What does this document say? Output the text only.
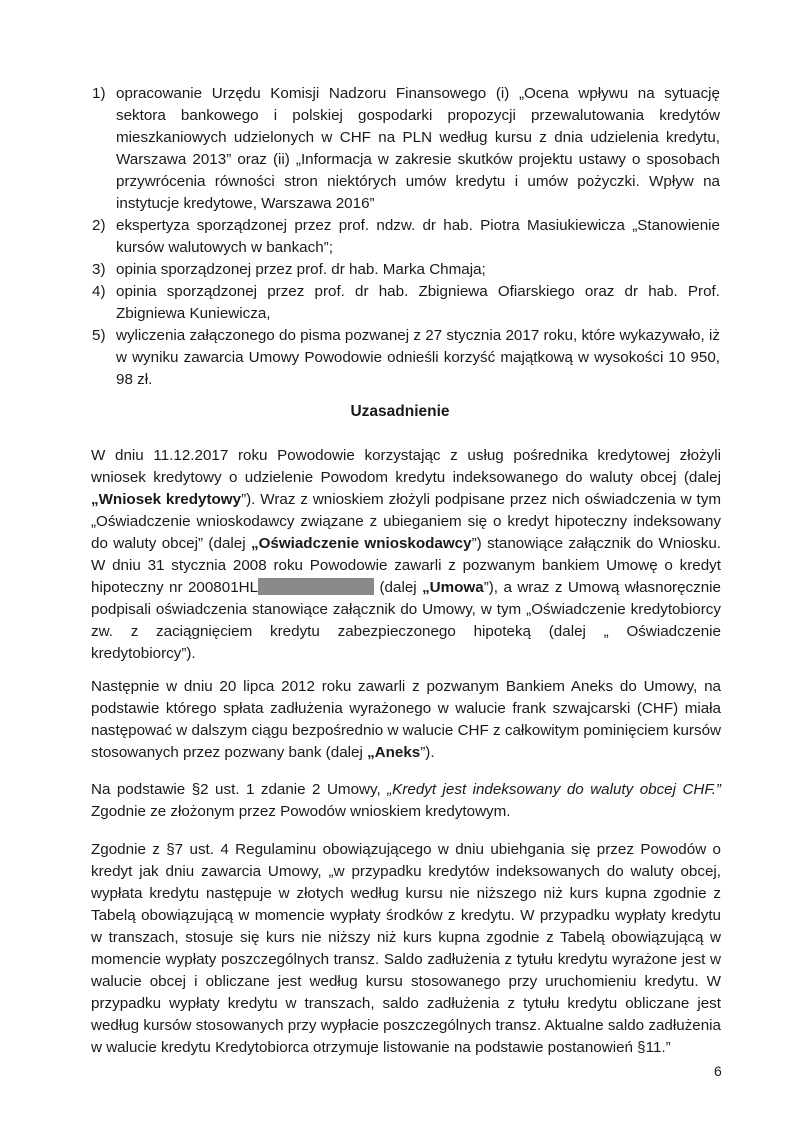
1) opracowanie Urzędu Komisji Nadzoru Finansowego (i) „Ocena wpływu na sytuację sektora bankowego i polskiej gospodarki propozycji przewalutowania kredytów mieszkaniowych udzielonych w CHF na PLN według kursu z dnia udzielenia kredytu, Warszawa 2013” oraz (ii) „Informacja w zakresie skutków projektu ustawy o sposobach przywrócenia równości stron niektórych umów kredytu i umów pożyczki. Wpływ na instytucje kredytowe, Warszawa 2016”
2) ekspertyza sporządzonej przez prof. ndzw. dr hab. Piotra Masiukiewicza „Stanowienie kursów walutowych w bankach”;
3) opinia sporządzonej przez prof. dr hab. Marka Chmaja;
4) opinia sporządzonej przez prof. dr hab. Zbigniewa Ofiarskiego oraz dr hab. Prof. Zbigniewa Kuniewicza,
5) wyliczenia załączonego do pisma pozwanej z 27 stycznia 2017 roku, które wykazywało, iż w wyniku zawarcia Umowy Powodowie odnieśli korzyść majątkową w wysokości 10 950, 98 zł.
Uzasadnienie
W dniu 11.12.2017 roku Powodowie korzystając z usług pośrednika kredytowej złożyli wniosek kredytowy o udzielenie Powodom kredytu indeksowanego do waluty obcej (dalej „Wniosek kredytowy”). Wraz z wnioskiem złożyli podpisane przez nich oświadczenia w tym „Oświadczenie wnioskodawcy związane z ubieganiem się o kredyt hipoteczny indeksowany do waluty obcej” (dalej „Oświadczenie wnioskodawcy”) stanowiące załącznik do Wniosku. W dniu 31 stycznia 2008 roku Powodowie zawarli z pozwanym bankiem Umowę o kredyt hipoteczny nr 200801HL	(dalej „Umowa”), a wraz z Umową własnoręcznie podpisali oświadczenia stanowiące załącznik do Umowy, w tym „Oświadczenie kredytobiorcy zw. z zaciągnięciem kredytu zabezpieczonego hipoteką (dalej „ Oświadczenie kredytobiorcy”).
Następnie w dniu 20 lipca 2012 roku zawarli z pozwanym Bankiem Aneks do Umowy, na podstawie którego spłata zadłużenia wyrażonego w walucie frank szwajcarski (CHF) miała następować w dalszym ciągu bezpośrednio w walucie CHF z całkowitym pominięciem kursów stosowanych przez pozwany bank (dalej „Aneks”).
Na podstawie §2 ust. 1 zdanie 2 Umowy, „Kredyt jest indeksowany do waluty obcej CHF.” Zgodnie ze złożonym przez Powodów wnioskiem kredytowym.
Zgodnie z §7 ust. 4 Regulaminu obowiązującego w dniu ubiehgania się przez Powodów o kredyt jak dniu zawarcia Umowy, „w przypadku kredytów indeksowanych do waluty obcej, wypłata kredytu następuje w złotych według kursu nie niższego niż kurs kupna zgodnie z Tabelą obowiązującą w momencie wypłaty środków z kredytu. W przypadku wypłaty kredytu w transzach, stosuje się kurs nie niższy niż kurs kupna zgodnie z Tabelą obowiązującą w momencie wypłaty poszczególnych transz. Saldo zadłużenia z tytułu kredytu wyrażone jest w walucie obcej i obliczane jest według kursu stosowanego przy uruchomieniu kredytu. W przypadku wypłaty kredytu w transzach, saldo zadłużenia z tytułu kredytu obliczane jest według kursów stosowanych przy wypłacie poszczególnych transz. Aktualne saldo zadłużenia w walucie kredytu Kredytobiorca otrzymuje listowanie na podstawie postanowień §11.”
6
